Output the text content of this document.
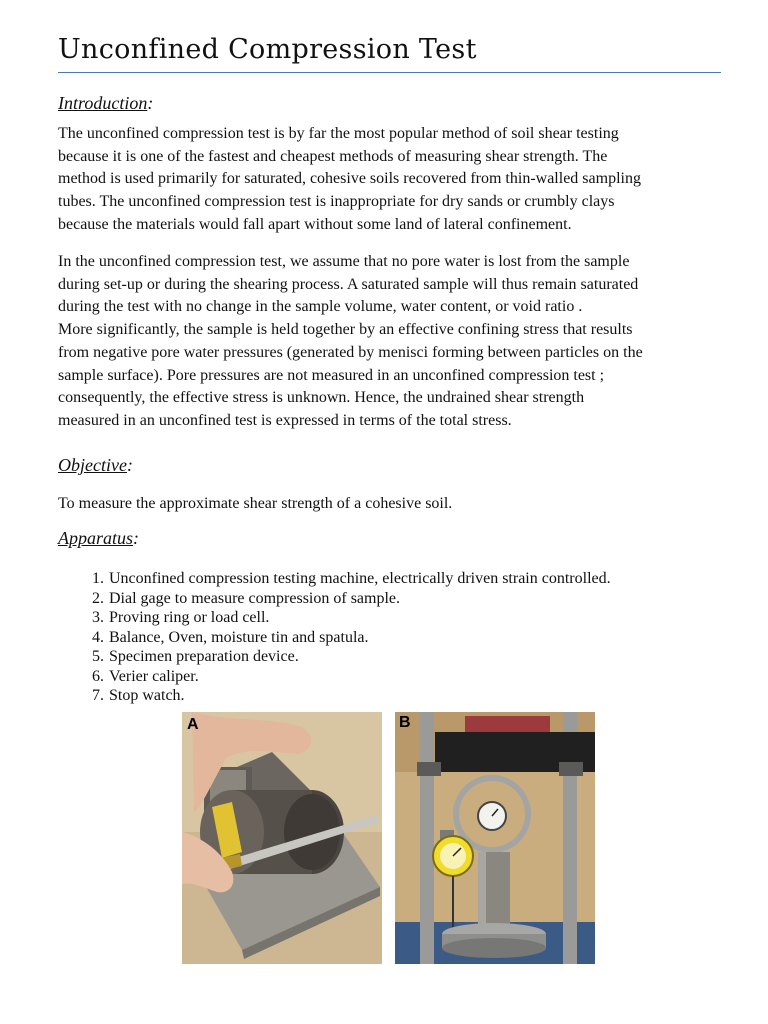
Unconfined Compression Test
Introduction:

The unconfined compression test is by far the most popular method of soil shear testing
because it is one of the fastest and cheapest methods of measuring shear strength. The
method is used primarily for saturated, cohesive soils recovered from thin-walled sampling
tubes. The unconfined compression test is inappropriate for dry sands or crumbly clays
because the materials would fall apart without some land of lateral confinement.

In the unconfined compression test, we assume that no pore water is lost from the sample
during set-up or during the shearing process. A saturated sample will thus remain saturated
during the test with no change in the sample volume, water content, or void ratio .
More significantly, the sample is held together by an effective confining stress that results
from negative pore water pressures (generated by menisci forming between particles on the
sample surface). Pore pressures are not measured in an unconfined compression test ;
consequently, the effective stress is unknown. Hence, the undrained shear strength
measured in an unconfined test is expressed in terms of the total stress.

Objective:

To measure the approximate shear strength of a cohesive soil.

Apparatus:
1.
Unconfined compression testing machine, electrically driven strain controlled.
2.
Dial gage to measure compression of sample.
3.
Proving ring or load cell.
4.
Balance, Oven, moisture tin and spatula.
5.
Specimen preparation device.
6.
Verier caliper.
7.
Stop watch.
A	B
